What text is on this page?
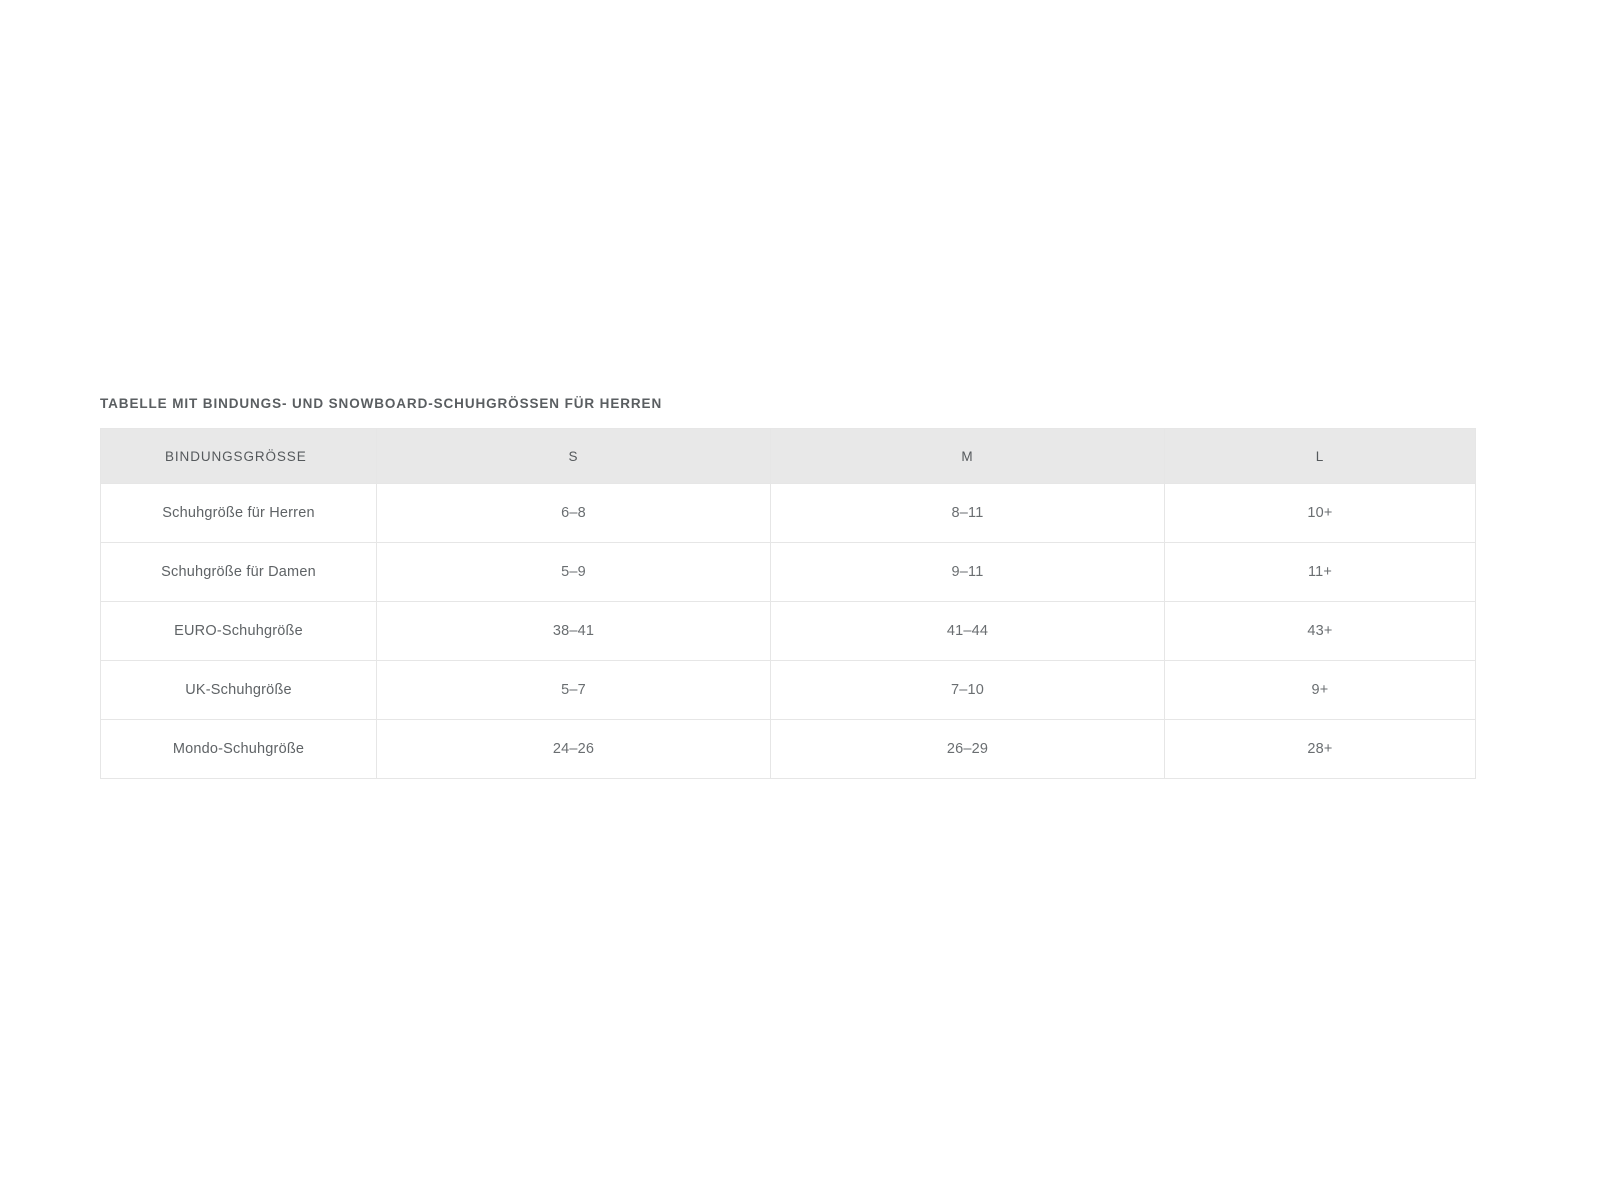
TABELLE MIT BINDUNGS- UND SNOWBOARD-SCHUHGRÖSSEN FÜR HERREN
BINDUNGSGRÖSSE	S	M	L
Schuhgröße für Herren	6–8	8–11	10+
Schuhgröße für Damen	5–9	9–11	11+
EURO-Schuhgröße	38–41	41–44	43+
UK-Schuhgröße	5–7	7–10	9+
Mondo-Schuhgröße	24–26	26–29	28+
